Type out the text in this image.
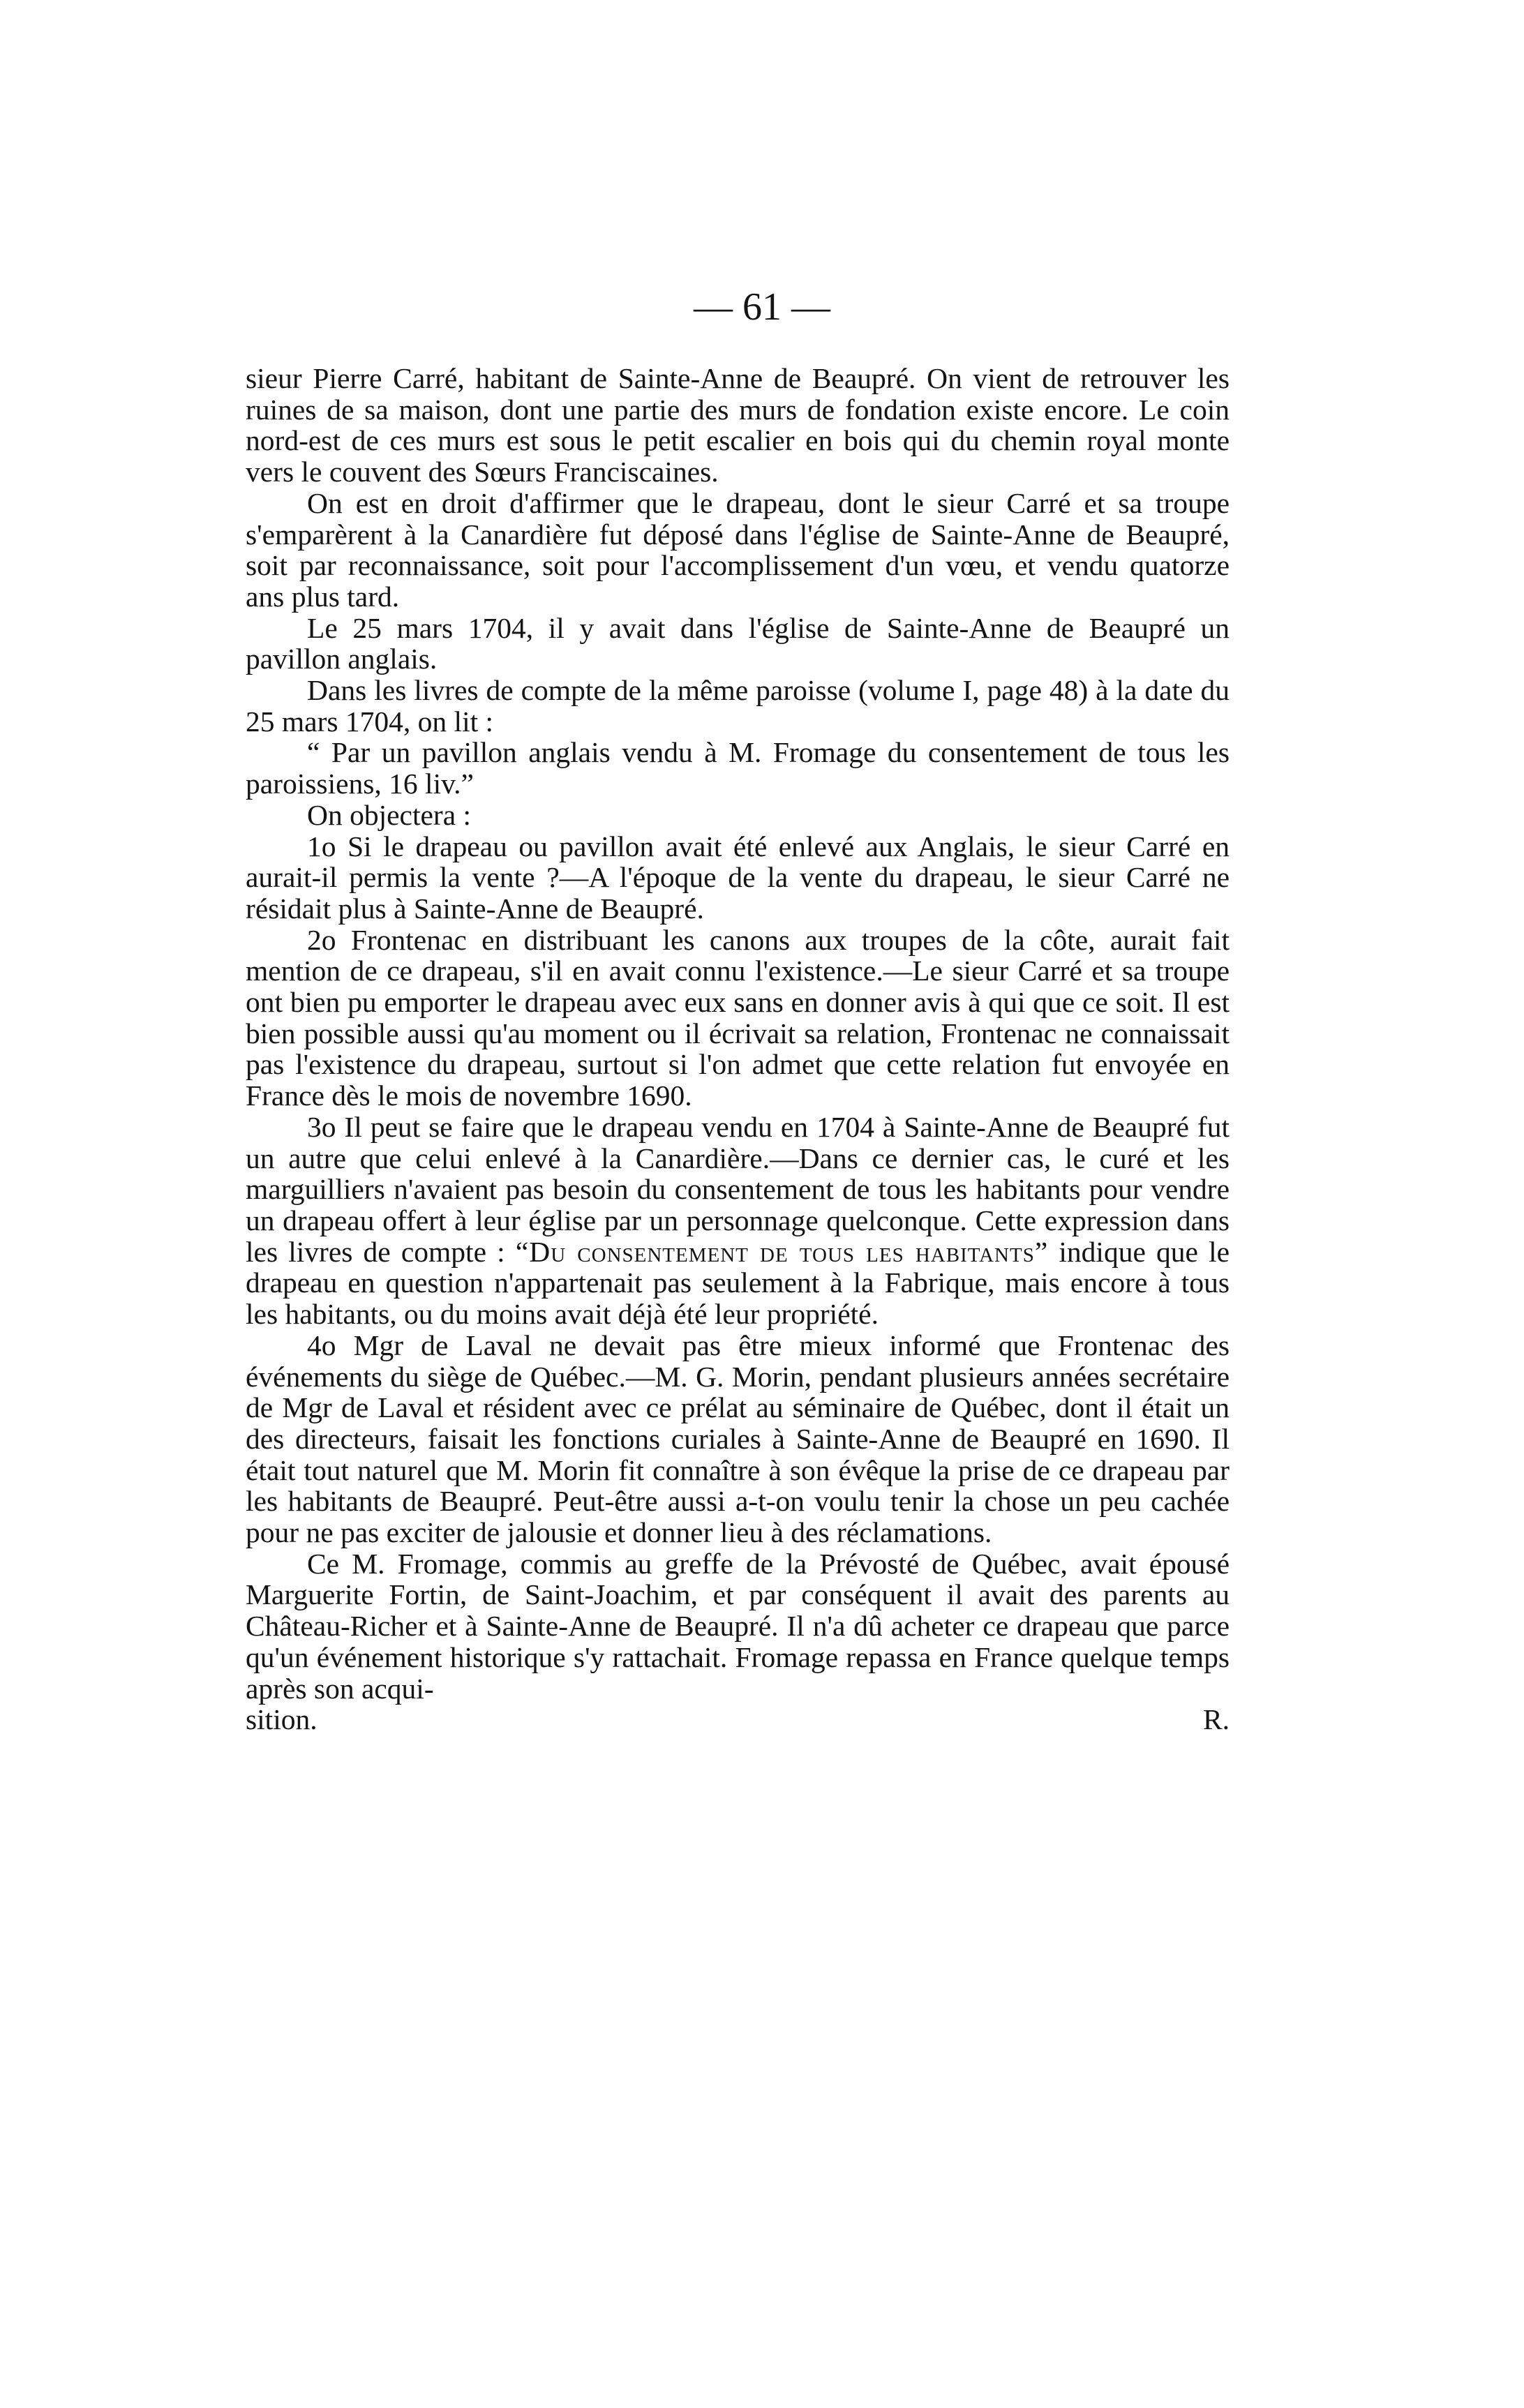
— 61 —

sieur Pierre Carré, habitant de Sainte-Anne de Beaupré. On vient de retrouver les ruines de sa maison, dont une partie des murs de fondation existe encore. Le coin nord-est de ces murs est sous le petit escalier en bois qui du chemin royal monte vers le couvent des Sœurs Franciscaines.

On est en droit d'affirmer que le drapeau, dont le sieur Carré et sa troupe s'emparèrent à la Canardière fut déposé dans l'église de Sainte-Anne de Beaupré, soit par reconnaissance, soit pour l'accomplissement d'un vœu, et vendu quatorze ans plus tard.

Le 25 mars 1704, il y avait dans l'église de Sainte-Anne de Beaupré un pavillon anglais.

Dans les livres de compte de la même paroisse (volume I, page 48) à la date du 25 mars 1704, on lit :

“ Par un pavillon anglais vendu à M. Fromage du consentement de tous les paroissiens, 16 liv.”

On objectera :

1o Si le drapeau ou pavillon avait été enlevé aux Anglais, le sieur Carré en aurait-il permis la vente ?—A l'époque de la vente du drapeau, le sieur Carré ne résidait plus à Sainte-Anne de Beaupré.

2o Frontenac en distribuant les canons aux troupes de la côte, aurait fait mention de ce drapeau, s'il en avait connu l'existence.—Le sieur Carré et sa troupe ont bien pu emporter le drapeau avec eux sans en donner avis à qui que ce soit. Il est bien possible aussi qu'au moment ou il écrivait sa relation, Frontenac ne connaissait pas l'existence du drapeau, surtout si l'on admet que cette relation fut envoyée en France dès le mois de novembre 1690.

3o Il peut se faire que le drapeau vendu en 1704 à Sainte-Anne de Beaupré fut un autre que celui enlevé à la Canardière.—Dans ce dernier cas, le curé et les marguilliers n'avaient pas besoin du consentement de tous les habitants pour vendre un drapeau offert à leur église par un personnage quelconque. Cette expression dans les livres de compte : “Du consentement de tous les habitants” indique que le drapeau en question n'appartenait pas seulement à la Fabrique, mais encore à tous les habitants, ou du moins avait déjà été leur propriété.

4o Mgr de Laval ne devait pas être mieux informé que Frontenac des événements du siège de Québec.—M. G. Morin, pendant plusieurs années secrétaire de Mgr de Laval et résident avec ce prélat au séminaire de Québec, dont il était un des directeurs, faisait les fonctions curiales à Sainte-Anne de Beaupré en 1690. Il était tout naturel que M. Morin fit connaître à son évêque la prise de ce drapeau par les habitants de Beaupré. Peut-être aussi a-t-on voulu tenir la chose un peu cachée pour ne pas exciter de jalousie et donner lieu à des réclamations.

Ce M. Fromage, commis au greffe de la Prévosté de Québec, avait épousé Marguerite Fortin, de Saint-Joachim, et par conséquent il avait des parents au Château-Richer et à Sainte-Anne de Beaupré. Il n'a dû acheter ce drapeau que parce qu'un événement historique s'y rattachait. Fromage repassa en France quelque temps après son acqui-

sition.	R.
